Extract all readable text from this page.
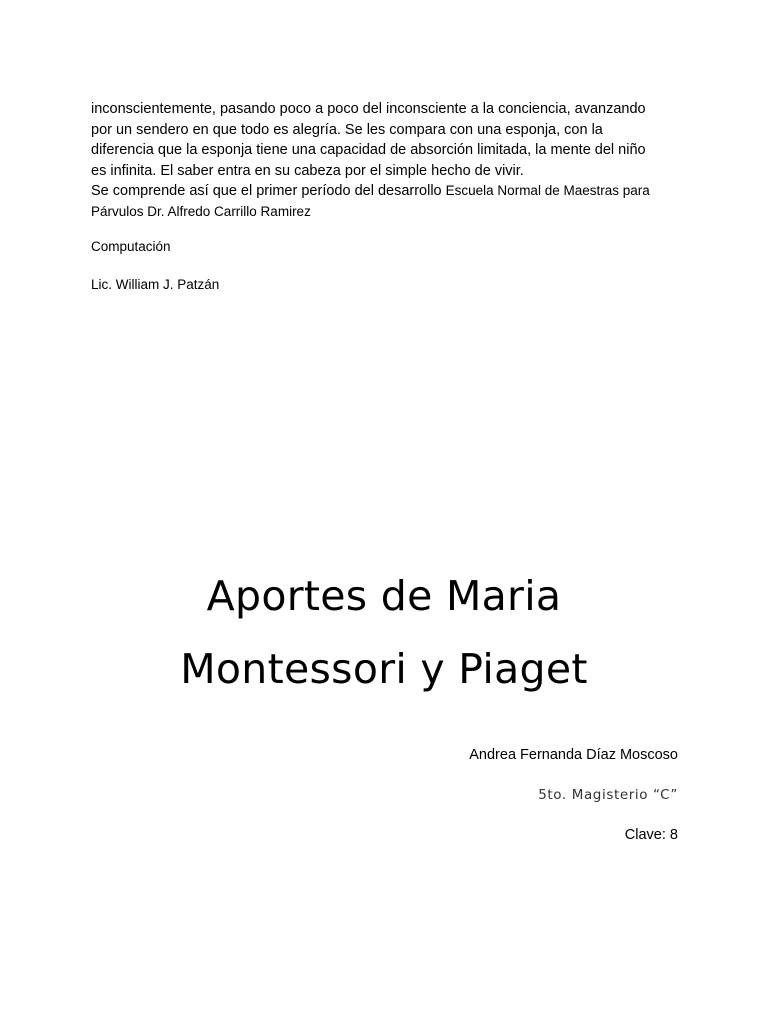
inconscientemente, pasando poco a poco del inconsciente a la conciencia, avanzando
por un sendero en que todo es alegría. Se les compara con una esponja, con la
diferencia que la esponja tiene una capacidad de absorción limitada, la mente del niño
es infinita. El saber entra en su cabeza por el simple hecho de vivir.
Se comprende así que el primer período del desarrollo Escuela Normal de Maestras para
Párvulos Dr. Alfredo Carrillo Ramirez
Computación
Lic. William J. Patzán
Aportes de Maria
Montessori y Piaget
Andrea Fernanda Díaz Moscoso
5to. Magisterio “C”
Clave: 8
